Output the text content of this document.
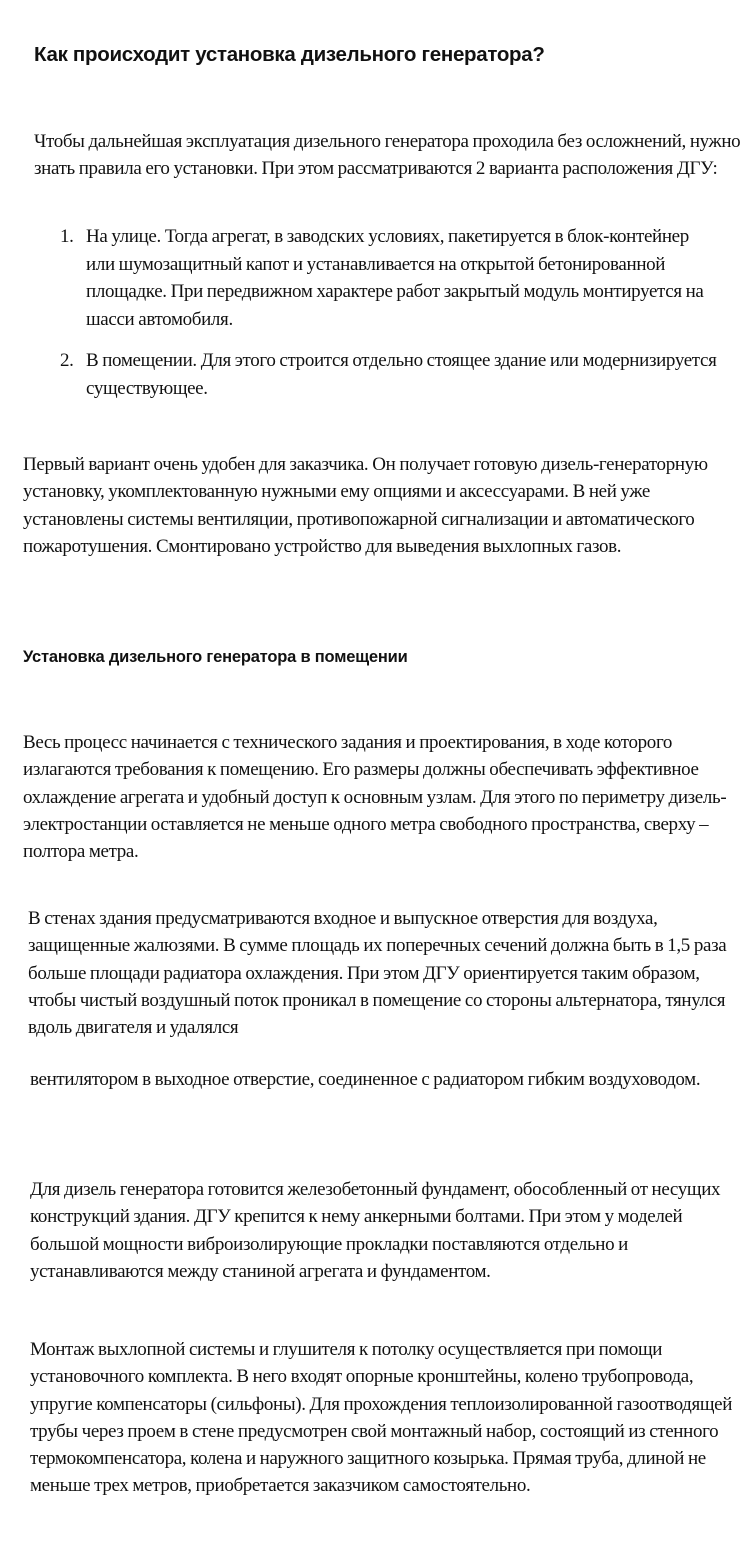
Как происходит установка дизельного генератора?

Чтобы дальнейшая эксплуатация дизельного генератора проходила без осложнений, нужно знать правила его установки. При этом рассматриваются 2 варианта расположения ДГУ:

1. На улице. Тогда агрегат, в заводских условиях, пакетируется в блок-контейнер или шумозащитный капот и устанавливается на открытой бетонированной площадке. При передвижном характере работ закрытый модуль монтируется на шасси автомобиля.
2. В помещении. Для этого строится отдельно стоящее здание или модернизируется существующее.

Первый вариант очень удобен для заказчика. Он получает готовую дизель-генераторную установку, укомплектованную нужными ему опциями и аксессуарами. В ней уже установлены системы вентиляции, противопожарной сигнализации и автоматического пожаротушения. Смонтировано устройство для выведения выхлопных газов.

Установка дизельного генератора в помещении

Весь процесс начинается с технического задания и проектирования, в ходе которого излагаются требования к помещению. Его размеры должны обеспечивать эффективное охлаждение агрегата и удобный доступ к основным узлам. Для этого по периметру дизель-электростанции оставляется не меньше одного метра свободного пространства, сверху – полтора метра.

В стенах здания предусматриваются входное и выпускное отверстия для воздуха, защищенные жалюзями. В сумме площадь их поперечных сечений должна быть в 1,5 раза больше площади радиатора охлаждения. При этом ДГУ ориентируется таким образом, чтобы чистый воздушный поток проникал в помещение со стороны альтернатора, тянулся вдоль двигателя и удалялся

вентилятором в выходное отверстие, соединенное с радиатором гибким воздуховодом.

Для дизель генератора готовится железобетонный фундамент, обособленный от несущих конструкций здания. ДГУ крепится к нему анкерными болтами. При этом у моделей большой мощности виброизолирующие прокладки поставляются отдельно и устанавливаются между станиной агрегата и фундаментом.

Монтаж выхлопной системы и глушителя к потолку осуществляется при помощи установочного комплекта. В него входят опорные кронштейны, колено трубопровода, упругие компенсаторы (сильфоны). Для прохождения теплоизолированной газоотводящей трубы через проем в стене предусмотрен свой монтажный набор, состоящий из стенного термокомпенсатора, колена и наружного защитного козырька. Прямая труба, длиной не меньше трех метров, приобретается заказчиком самостоятельно.
